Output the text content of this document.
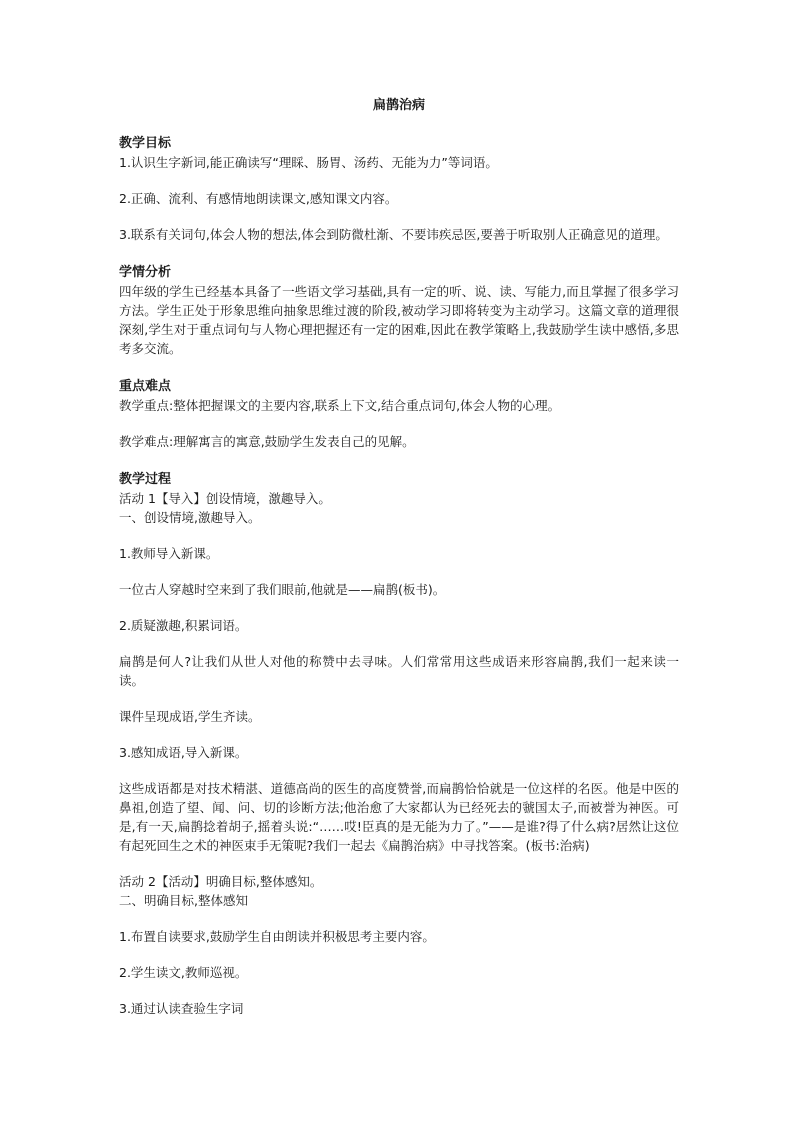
扁鹊治病
教学目标

1.认识生字新词,能正确读写“理睬、肠胃、汤药、无能为力”等词语。

2.正确、流利、有感情地朗读课文,感知课文内容。

3.联系有关词句,体会人物的想法,体会到防微杜渐、不要讳疾忌医,要善于听取别人正确意见的道理。

学情分析

四年级的学生已经基本具备了一些语文学习基础,具有一定的听、说、读、写能力,而且掌握了很多学习方法。学生正处于形象思维向抽象思维过渡的阶段,被动学习即将转变为主动学习。这篇文章的道理很深刻,学生对于重点词句与人物心理把握还有一定的困难,因此在教学策略上,我鼓励学生读中感悟,多思考多交流。

重点难点

教学重点:整体把握课文的主要内容,联系上下文,结合重点词句,体会人物的心理。

教学难点:理解寓言的寓意,鼓励学生发表自己的见解。

教学过程

活动 1【导入】创设情境，激趣导入。

一、创设情境,激趣导入。

1.教师导入新课。

一位古人穿越时空来到了我们眼前,他就是——扁鹊(板书)。

2.质疑激趣,积累词语。

扁鹊是何人?让我们从世人对他的称赞中去寻味。人们常常用这些成语来形容扁鹊,我们一起来读一读。

课件呈现成语,学生齐读。

3.感知成语,导入新课。

这些成语都是对技术精湛、道德高尚的医生的高度赞誉,而扁鹊恰恰就是一位这样的名医。他是中医的鼻祖,创造了望、闻、问、切的诊断方法;他治愈了大家都认为已经死去的虢国太子,而被誉为神医。可是,有一天,扁鹊捻着胡子,摇着头说:“……哎!臣真的是无能为力了。”——是谁?得了什么病?居然让这位有起死回生之术的神医束手无策呢?我们一起去《扁鹊治病》中寻找答案。(板书:治病)

活动 2【活动】明确目标,整体感知。

二、明确目标,整体感知

1.布置自读要求,鼓励学生自由朗读并积极思考主要内容。

2.学生读文,教师巡视。

3.通过认读查验生字词
